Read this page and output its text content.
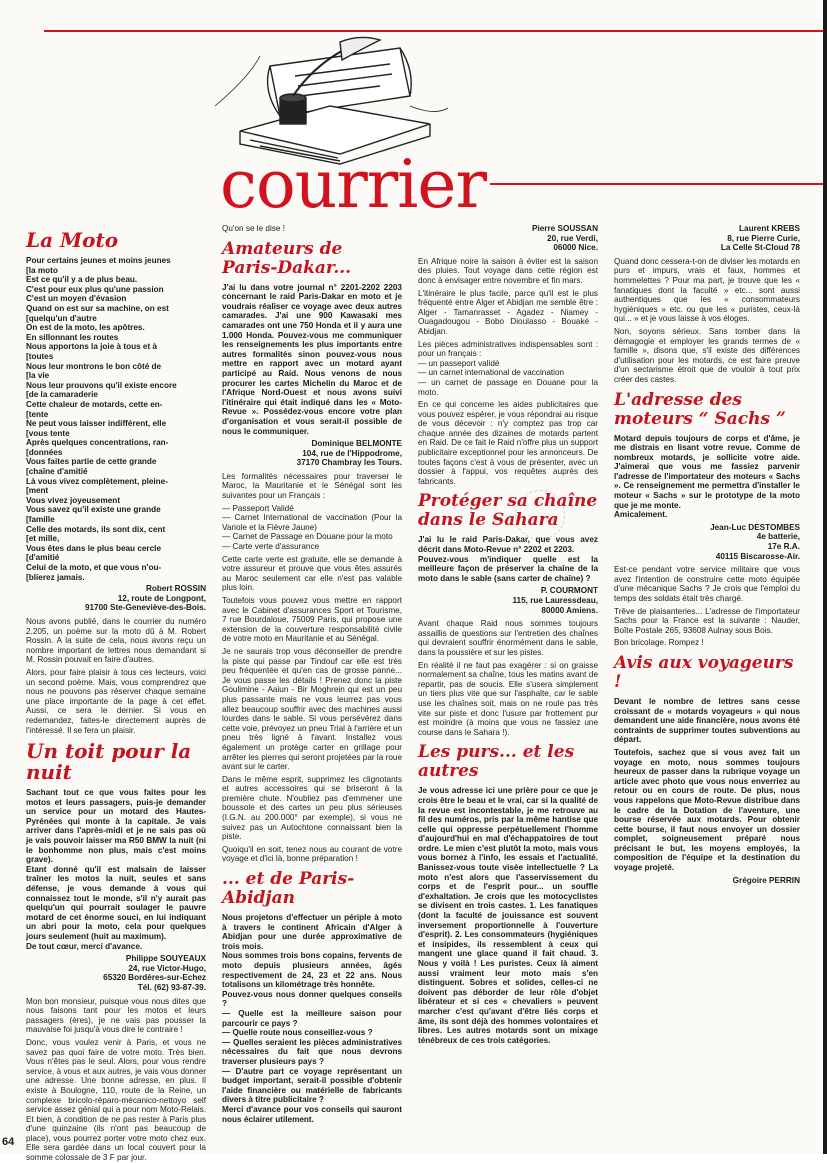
courrier
La Moto

Pour certains jeunes et moins jeunes
[la moto
Est ce qu'il y a de plus beau.
C'est pour eux plus qu'une passion
C'est un moyen d'évasion
Quand on est sur sa machine, on est
[quelqu'un d'autre
On est de la moto, les apôtres.
En sillonnant les routes
Nous apportons la joie à tous et à
[toutes
Nous leur montrons le bon côté de
[la vie
Nous leur prouvons qu'il existe encore
[de la camaraderie
Cette chaleur de motards, cette en-
[tente
Ne peut vous laisser indifférent, elle
[vous tente
Après quelques concentrations, ran-
[données
Vous faites partie de cette grande
[chaîne d'amitié
Là vous vivez complètement, pleine-
[ment
Vous vivez joyeusement
Vous savez qu'il existe une grande
[famille
Celle des motards, ils sont dix, cent
[et mille,
Vous êtes dans le plus beau cercle
[d'amitié
Celui de la moto, et que vous n'ou-
[blierez jamais.

Robert ROSSIN
12, route de Longpont,
91700 Ste-Geneviève-des-Bois.

Nous avons publié, dans le courrier du numéro 2.205, un poème sur la moto dû à M. Robert Rossin. A la suite de cela, nous avons reçu un nombre important de lettres nous demandant si M. Rossin pouvait en faire d'autres.

Alors, pour faire plaisir à tous ces lecteurs, voici un second poème. Mais, vous comprendrez que nous ne pouvons pas réserver chaque semaine une place importante de la page à cet effet. Aussi, ce sera le dernier. Si vous en redemandez, faites-le directement auprès de l'intéressé. Il se fera un plaisir.

Un toit pour la nuit

Sachant tout ce que vous faites pour les motos et leurs passagers, puis-je demander un service pour un motard des Hautes-Pyrénées qui monte à la capitale. Je vais arriver dans l'après-midi et je ne sais pas où je vais pouvoir laisser ma R50 BMW la nuit (ni le bonhomme non plus, mais c'est moins grave).
Etant donné qu'il est malsain de laisser traîner les motos la nuit, seules et sans défense, je vous demande à vous qui connaissez tout le monde, s'il n'y aurait pas quelqu'un qui pourrait soulager le pauvre motard de cet énorme souci, en lui indiquant un abri pour la moto, cela pour quelques jours seulement (huit au maximum).
De tout cœur, merci d'avance.

Philippe SOUYEAUX
24, rue Victor-Hugo,
65320 Bordères-sur-Echez
Tél. (62) 93-87-39.

Mon bon monsieur, puisque vous nous dites que nous faisons tant pour les motos et leurs passagers (ères), je ne vais pas pousser la mauvaise foi jusqu'à vous dire le contraire !

Donc, vous voulez venir à Paris, et vous ne savez pas quoi faire de votre moto. Très bien. Vous n'êtes pas le seul. Alors, pour vous rendre service, à vous et aux autres, je vais vous donner une adresse. Une bonne adresse, en plus. Il existe à Boulogne, 110, route de la Reine, un complexe bricolo-réparo-mécanico-nettoyo self service assez génial qui a pour nom Moto-Relais. Et bien, à condition de ne pas rester à Paris plus d'une quinzaine (ils n'ont pas beaucoup de place), vous pourrez porter votre moto chez eux. Elle sera gardée dans un local couvert pour la somme colossale de 3 F par jour.

Qu'on se le dise !

Amateurs de Paris-Dakar...

J'ai lu dans votre journal n° 2201-2202 2203 concernant le raid Paris-Dakar en moto et je voudrais réaliser ce voyage avec deux autres camarades. J'ai une 900 Kawasaki mes camarades ont une 750 Honda et il y aura une 1.000 Honda. Pouvez-vous me communiquer les renseignements les plus importants entre autres formalités sinon pouvez-vous nous mettre en rapport avec un motard ayant participé au Raid. Nous venons de nous procurer les cartes Michelin du Maroc et de l'Afrique Nord-Ouest et nous avons suivi l'itinéraire qui était indiqué dans les « Moto-Revue ». Possédez-vous encore votre plan d'organisation et vous serait-il possible de nous le communiquer.

Dominique BELMONTE
104, rue de l'Hippodrome,
37170 Chambray les Tours.

Les formalités nécessaires pour traverser le Maroc, la Mauritanie et le Sénégal sont les suivantes pour un Français :

— Passeport Validé
— Carnet International de vaccination (Pour la Variole et la Fièvre Jaune)
— Carnet de Passage en Douane pour la moto
— Carte verte d'assurance

Cette carte verte est gratuite, elle se demande à votre assureur et prouve que vous êtes assurés au Maroc seulement car elle n'est pas valable plus loin.

Toutefois vous pouvez vous mettre en rapport avec le Cabinet d'assurances Sport et Tourisme, 7 rue Bourdaloue, 75009 Paris, qui propose une extension de la couverture responsabilité civile de votre moto en Mauritanie et au Sénégal.

Je ne saurais trop vous déconseiller de prendre la piste qui passe par Tindouf car elle est très peu fréquentée et qu'en cas de grosse panne... Je vous passe les détails ! Prenez donc la piste Goulimine - Aaiun - Bir Moghrein qui est un peu plus passante mais ne vous leurrez pas vous allez beaucoup souffrir avec des machines aussi lourdes dans le sable. Si vous persévérez dans cette voie, prévoyez un pneu Trial à l'arrière et un pneu très ligné à l'avant. Installez vous également un protège carter en grillage pour arrêter les pierres qui seront projetées par la roue avant sur le carter.

Dans le même esprit, supprimez les clignotants et autres accessoires qui se briseront à la première chute. N'oubliez pas d'emmener une boussole et des cartes un peu plus sérieuses (I.G.N. au 200.000° par exemple), si vous ne suivez pas un Autochtone connaissant bien la piste.

Quoiqu'il en soit, tenez nous au courant de votre voyage et d'ici là, bonne préparation !

... et de Paris-Abidjan

Nous projetons d'effectuer un périple à moto à travers le continent Africain d'Alger à Abidjan pour une durée approximative de trois mois.
Nous sommes trois bons copains, fervents de moto depuis plusieurs années, âgés respectivement de 24, 23 et 22 ans. Nous totalisons un kilométrage très honnête.
Pouvez-vous nous donner quelques conseils ?
— Quelle est la meilleure saison pour parcourir ce pays ?
— Quelle route nous conseillez-vous ?
— Quelles seraient les pièces administratives nécessaires du fait que nous devrons traverser plusieurs pays ?
— D'autre part ce voyage représentant un budget important, serait-il possible d'obtenir l'aide financière ou matérielle de fabricants divers à titre publicitaire ?
Merci d'avance pour vos conseils qui sauront nous éclairer utilement.

Pierre SOUSSAN
20, rue Verdi,
06000 Nice.

En Afrique noire la saison à éviter est la saison des pluies. Tout voyage dans cette région est donc à envisager entre novembre et fin mars.

L'itinéraire le plus facile, parce qu'il est le plus fréquenté entre Alger et Abidjan me semble être : Alger - Tamanrasset - Agadez - Niamey - Ouagadougou - Bobo Dioulasso - Bouaké - Abidjan.

Les pièces administratives indispensables sont : pour un français :
— un passeport validé
— un carnet international de vaccination
— un carnet de passage en Douane pour la moto.

En ce qui concerne les aides publicitaires que vous pouvez espérer, je vous répondrai au risque de vous décevoir : n'y comptez pas trop car chaque année des dizaines de motards partent en Raid. De ce fait le Raid n'offre plus un support publicitaire exceptionnel pour les annonceurs. De toutes façons c'est à vous de présenter, avec un dossier à l'appui, vos requêtes auprès des fabricants.

Protéger sa chaîne dans le Sahara

J'ai lu le raid Paris-Dakar, que vous avez décrit dans Moto-Revue n° 2202 et 2203.
Pouvez-vous m'indiquer quelle est la meilleure façon de préserver la chaîne de la moto dans le sable (sans carter de chaîne) ?

P. COURMONT
115, rue Lauressdeau,
80000 Amiens.

Avant chaque Raid nous sommes toujours assaillis de questions sur l'entretien des chaînes qui devraient souffrir énormément dans le sable, dans la poussière et sur les pistes.

En réalité il ne faut pas exagérer : si on graisse normalement sa chaîne, tous les matins avant de repartir, pas de soucis. Elle s'usera simplement un tiers plus vite que sur l'asphalte, car le sable use les chaînes soit, mais on ne roule pas très vite sur piste et donc l'usure par frottement pur est moindre (à moins que vous ne fassiez une course dans le Sahara !).

Les purs... et les autres

Je vous adresse ici une prière pour ce que je crois être le beau et le vrai, car si la qualité de la revue est incontestable, je me retrouve au fil des numéros, pris par la même hantise que celle qui oppresse perpétuellement l'homme d'aujourd'hui en mal d'échappatoires de tout ordre. Le mien c'est plutôt la moto, mais vous vous bornez à l'info, les essais et l'actualité. Banissez-vous toute visée intellectuelle ? La moto n'est alors que l'asservissement du corps et de l'esprit pour... un souffle d'exhaltation. Je crois que les motocyclistes se divisent en trois castes. 1. Les fanatiques (dont la faculté de jouissance est souvent inversement proportionnelle à l'ouverture d'esprit). 2. Les consommateurs (hygiéniques et insipides, ils ressemblent à ceux qui mangent une glace quand il fait chaud. 3. Nous y voilà ! Les puristes. Ceux là aiment aussi vraiment leur moto mais s'en distinguent. Sobres et solides, celles-ci ne doivent pas déborder de leur rôle d'objet libérateur et si ces « chevaliers » peuvent marcher c'est qu'avant d'être liés corps et âme, ils sont déjà des hommes volontaires et libres. Les autres motards sont un mixage ténébreux de ces trois catégories.

Laurent KREBS
8, rue Pierre Curie,
La Celle St-Cloud 78

Quand donc cessera-t-on de diviser les motards en purs et impurs, vrais et faux, hommes et hommelettes ? Pour ma part, je trouve que les « fanatiques dont la faculté » etc... sont aussi authentiques que les « consommateurs hygiéniques » etc. ou que les « puristes, ceux-là qui... » et je vous laisse à vos éloges.

Non, soyons sérieux. Sans tomber dans la démagogie et employer les grands termes de « famille », disons que, s'il existe des différences d'utilisation pour les motards, ce est faire preuve d'un sectarisme étroit que de vouloir à tout prix créer des castes.

L'adresse des moteurs “ Sachs ”

Motard depuis toujours de corps et d'âme, je me distrais en lisant votre revue. Comme de nombreux motards, je sollicite votre aide. J'aimerai que vous me fassiez parvenir l'adresse de l'importateur des moteurs « Sachs ». Ce renseignement me permettra d'installer le moteur « Sachs » sur le prototype de la moto que je me monte.
Amicalement.

Jean-Luc DESTOMBES
4e batterie,
17e R.A.
40115 Biscarosse-Air.

Est-ce pendant votre service militaire que vous avez l'intention de construire cette moto équipée d'une mécanique Sachs ? Je crois que l'emploi du temps des soldats était très chargé.

Trêve de plaisanteries... L'adresse de l'importateur Sachs pour la France est la suivante : Nauder, Boîte Postale 265, 93608 Aulnay sous Bois.

Bon bricolage. Rompez !

Avis aux voyageurs !

Devant le nombre de lettres sans cesse croissant de « motards voyageurs » qui nous demandent une aide financière, nous avons été contraints de supprimer toutes subventions au départ.

Toutefois, sachez que si vous avez fait un voyage en moto, nous sommes toujours heureux de passer dans la rubrique voyage un article avec photo que vous nous enverriez au retour ou en cours de route. De plus, nous vous rappelons que Moto-Revue distribue dans le cadre de la Dotation de l'aventure, une bourse réservée aux motards. Pour obtenir cette bourse, il faut nous envoyer un dossier complet, soigneusement préparé nous précisant le but, les moyens employés, la composition de l'équipe et la destination du voyage projeté.

Grégoire PERRIN

64
